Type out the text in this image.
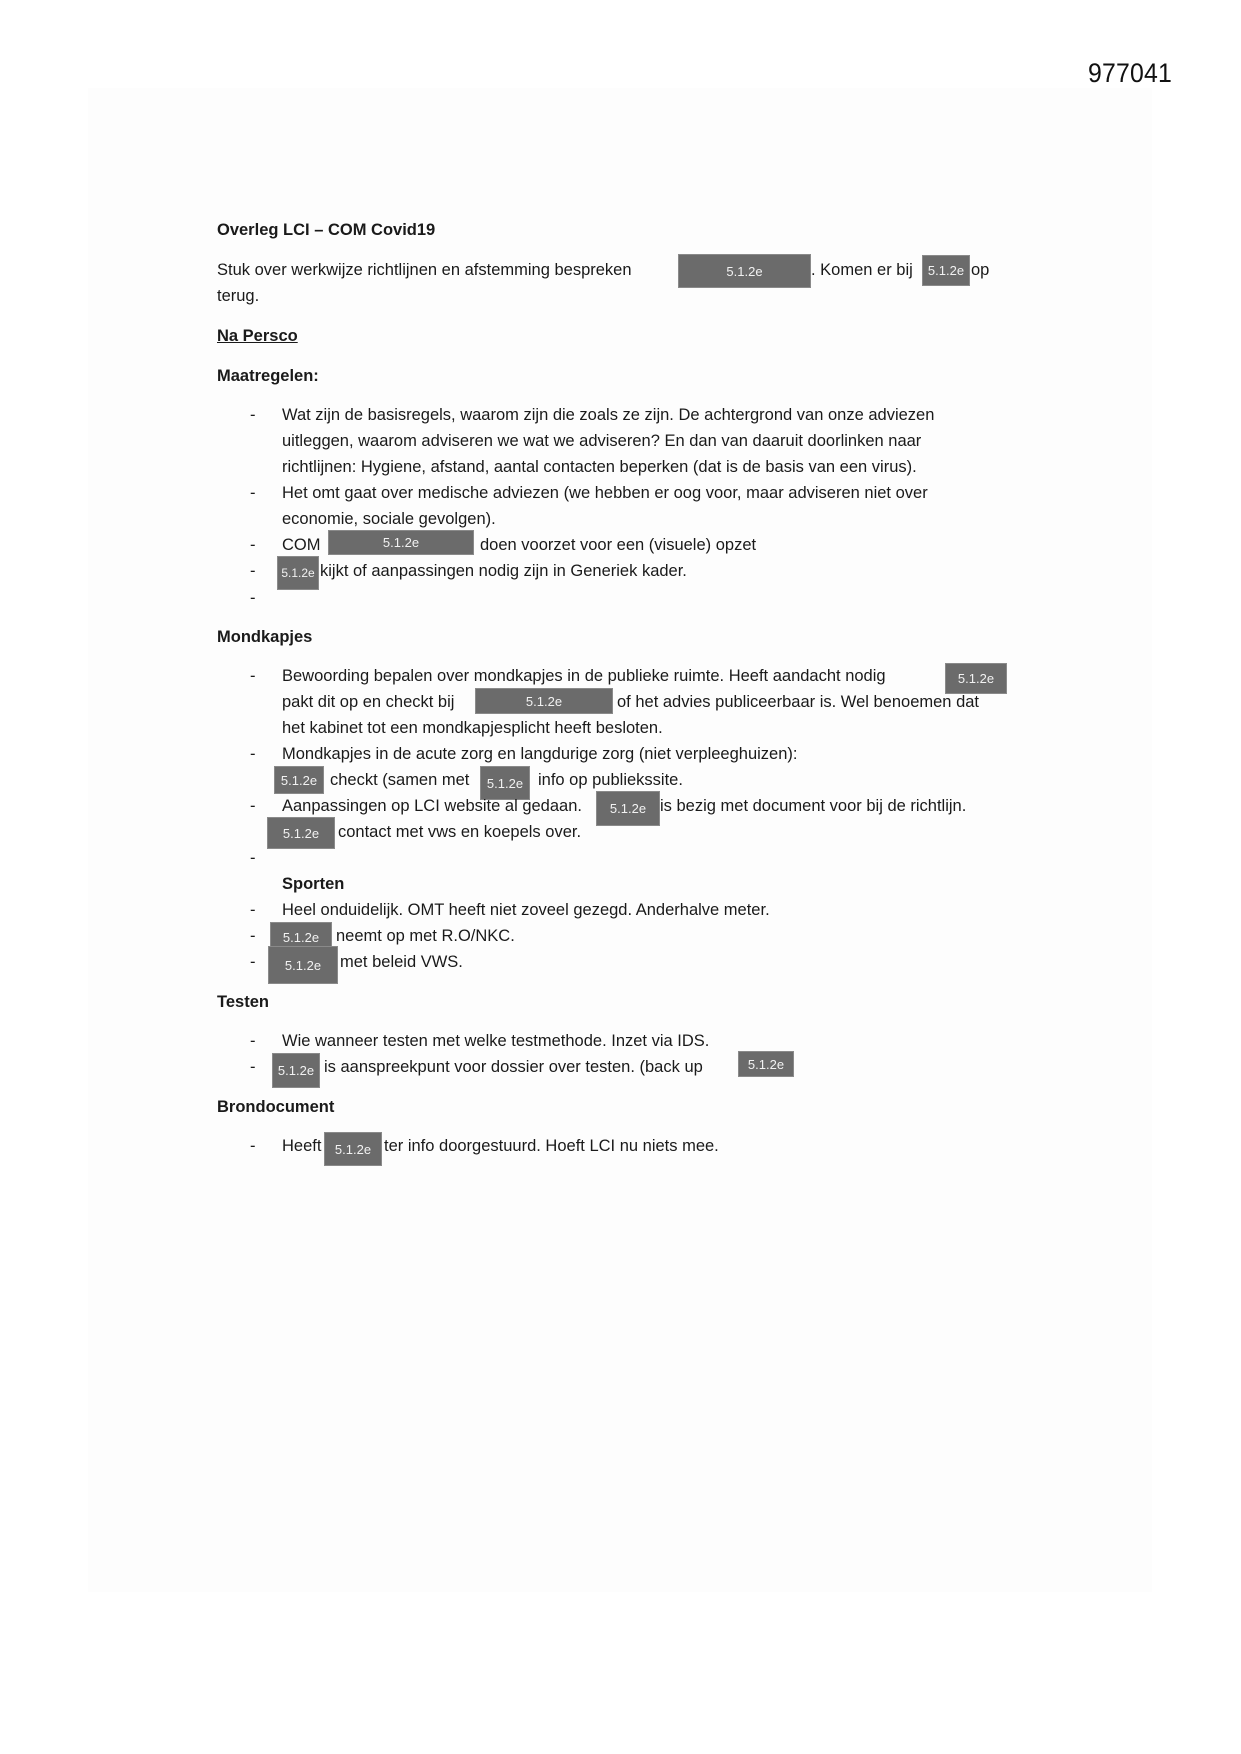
977041
Overleg LCI – COM Covid19
Stuk over werkwijze richtlijnen en afstemming bespreken	5.1.2e	. Komen er bij	5.1.2e op
terug.
Na Persco
Maatregelen:
- Wat zijn de basisregels, waarom zijn die zoals ze zijn. De achtergrond van onze adviezen
uitleggen, waarom adviseren we wat we adviseren? En dan van daaruit doorlinken naar
richtlijnen: Hygiene, afstand, aantal contacten beperken (dat is de basis van een virus).
- Het omt gaat over medische adviezen (we hebben er oog voor, maar adviseren niet over
economie, sociale gevolgen).
- COM	5.1.2e	doen voorzet voor een (visuele) opzet
-	5.1.2e kijkt of aanpassingen nodig zijn in Generiek kader.
-
Mondkapjes
- Bewoording bepalen over mondkapjes in de publieke ruimte. Heeft aandacht nodig	5.1.2e
pakt dit op en checkt bij	5.1.2e	of het advies publiceerbaar is. Wel benoemen dat
het kabinet tot een mondkapjesplicht heeft besloten.
- Mondkapjes in de acute zorg en langdurige zorg (niet verpleeghuizen):
5.1.2e checkt (samen met	5.1.2e info op publiekssite.
- Aanpassingen op LCI website al gedaan.	5.1.2e is bezig met document voor bij de richtlijn.
5.1.2e	contact met vws en koepels over.
-
Sporten
- Heel onduidelijk. OMT heeft niet zoveel gezegd. Anderhalve meter.
-	5.1.2e	neemt op met R.O/NKC.
-	5.1.2e	met beleid VWS.
Testen
- Wie wanneer testen met welke testmethode. Inzet via IDS.
-	5.1.2e is aanspreekpunt voor dossier over testen. (back up	5.1.2e
Brondocument
- Heeft	5.1.2e ter info doorgestuurd. Hoeft LCI nu niets mee.
